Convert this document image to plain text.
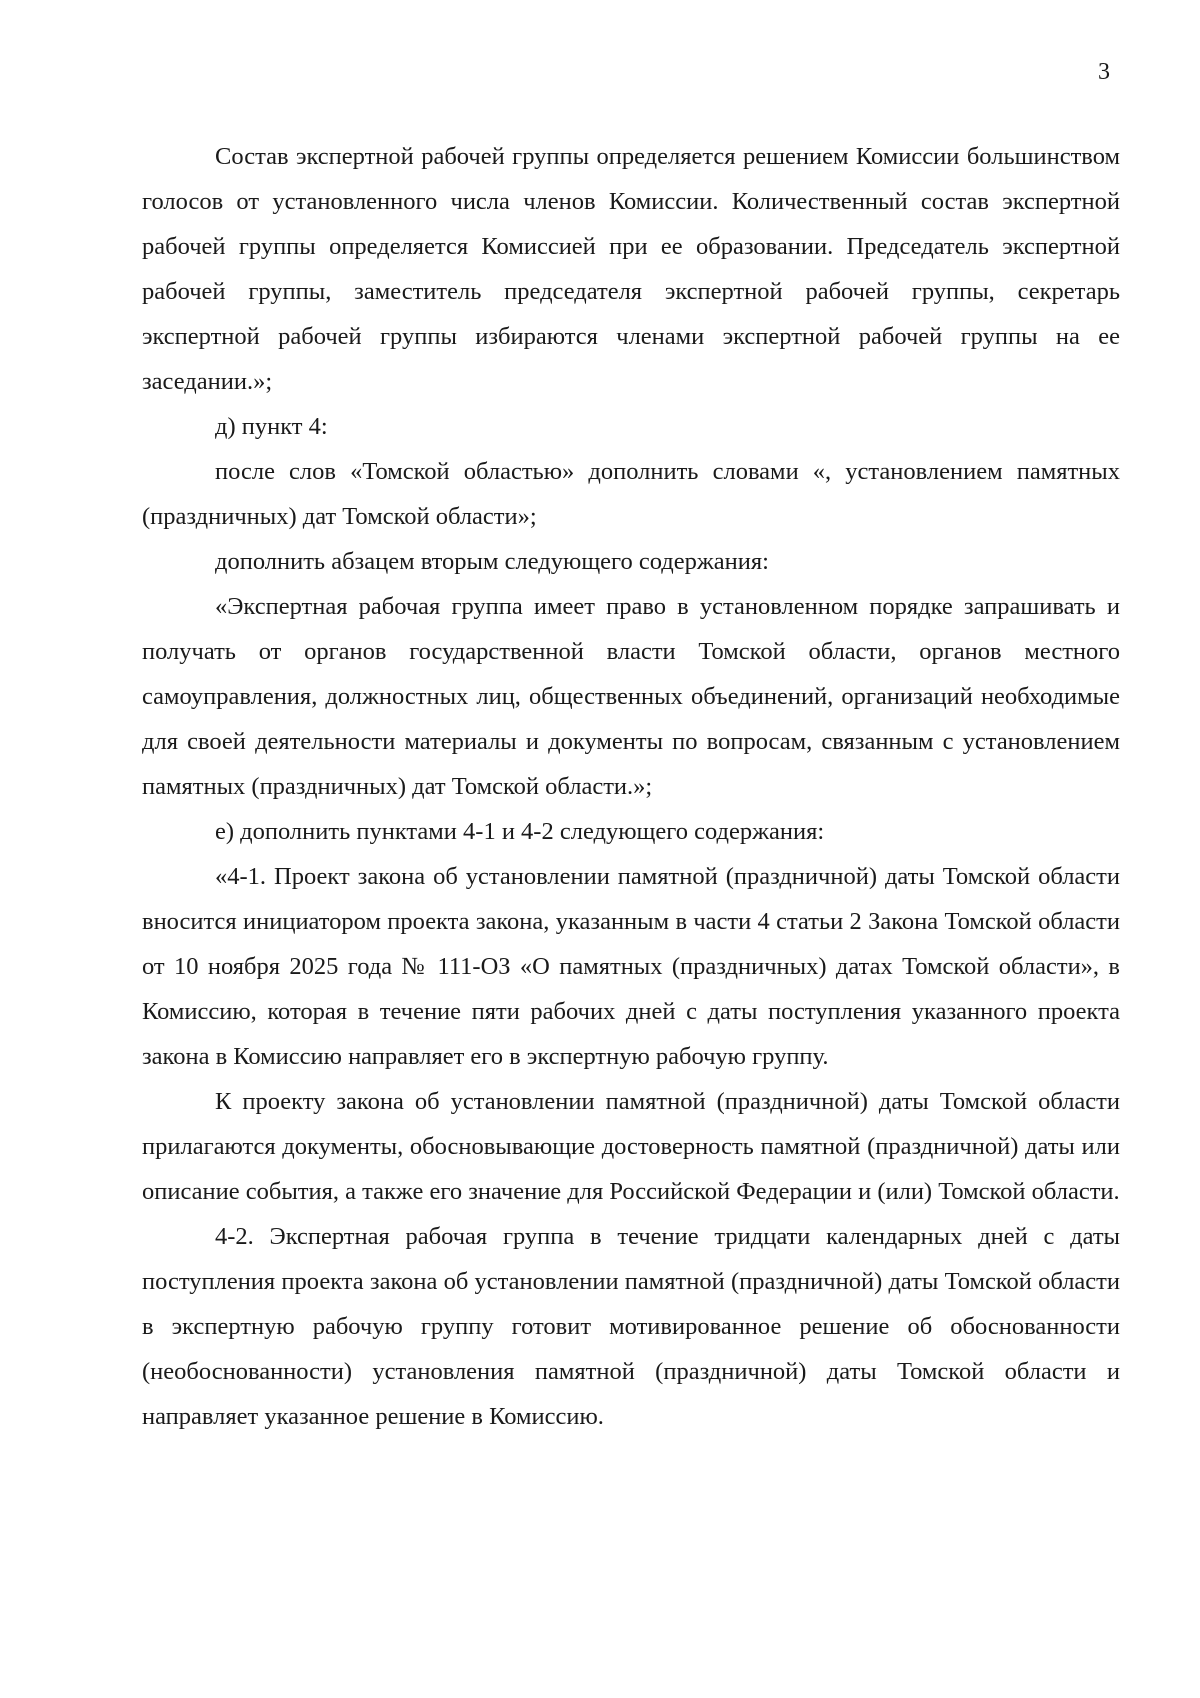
3

Состав экспертной рабочей группы определяется решением Комиссии большинством голосов от установленного числа членов Комиссии. Количественный состав экспертной рабочей группы определяется Комиссией при ее образовании. Председатель экспертной рабочей группы, заместитель председателя экспертной рабочей группы, секретарь экспертной рабочей группы избираются членами экспертной рабочей группы на ее заседании.»;

д) пункт 4:

после слов «Томской областью» дополнить словами «, установлением памятных (праздничных) дат Томской области»;

дополнить абзацем вторым следующего содержания:

«Экспертная рабочая группа имеет право в установленном порядке запрашивать и получать от органов государственной власти Томской области, органов местного самоуправления, должностных лиц, общественных объединений, организаций необходимые для своей деятельности материалы и документы по вопросам, связанным с установлением памятных (праздничных) дат Томской области.»;

е) дополнить пунктами 4-1 и 4-2 следующего содержания:

«4-1. Проект закона об установлении памятной (праздничной) даты Томской области вносится инициатором проекта закона, указанным в части 4 статьи 2 Закона Томской области от 10 ноября 2025 года № 111-ОЗ «О памятных (праздничных) датах Томской области», в Комиссию, которая в течение пяти рабочих дней с даты поступления указанного проекта закона в Комиссию направляет его в экспертную рабочую группу.

К проекту закона об установлении памятной (праздничной) даты Томской области прилагаются документы, обосновывающие достоверность памятной (праздничной) даты или описание события, а также его значение для Российской Федерации и (или) Томской области.

4-2. Экспертная рабочая группа в течение тридцати календарных дней с даты поступления проекта закона об установлении памятной (праздничной) даты Томской области в экспертную рабочую группу готовит мотивированное решение об обоснованности (необоснованности) установления памятной (праздничной) даты Томской области и направляет указанное решение в Комиссию.
